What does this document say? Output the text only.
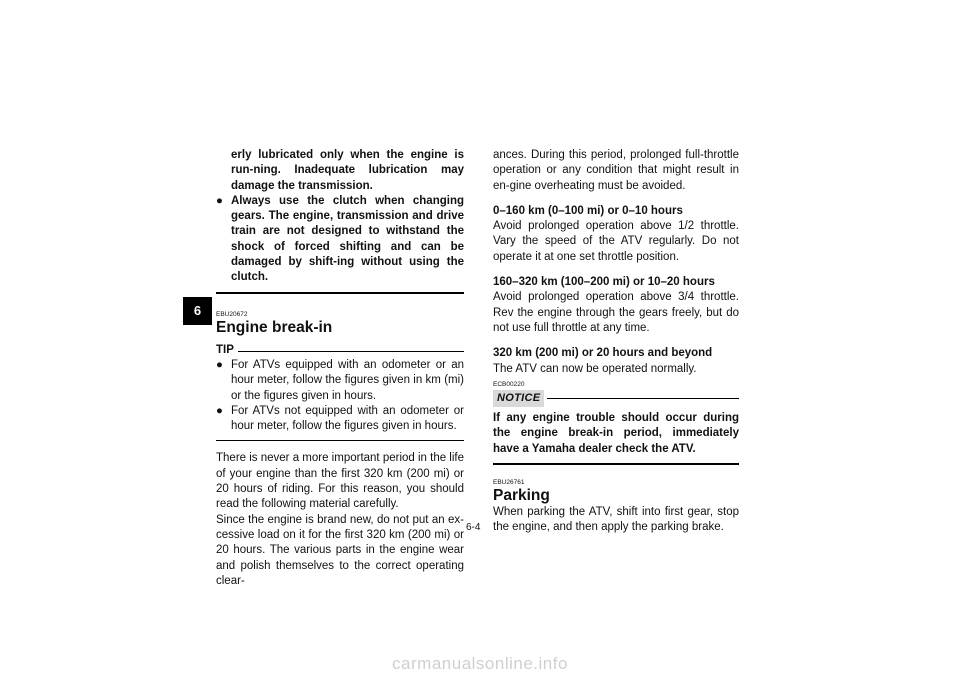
6
erly lubricated only when the engine is run-ning. Inadequate lubrication may damage the transmission.
● Always use the clutch when changing gears. The engine, transmission and drive train are not designed to withstand the shock of forced shifting and can be damaged by shift-ing without using the clutch.
EBU20672
Engine break-in
TIP
● For ATVs equipped with an odometer or an hour meter, follow the figures given in km (mi) or the figures given in hours.
● For ATVs not equipped with an odometer or hour meter, follow the figures given in hours.
There is never a more important period in the life of your engine than the first 320 km (200 mi) or 20 hours of riding. For this reason, you should read the following material carefully.
Since the engine is brand new, do not put an ex-cessive load on it for the first 320 km (200 mi) or 20 hours. The various parts in the engine wear and polish themselves to the correct operating clear-
ances. During this period, prolonged full-throttle operation or any condition that might result in en-gine overheating must be avoided.
0–160 km (0–100 mi) or 0–10 hours
Avoid prolonged operation above 1/2 throttle. Vary the speed of the ATV regularly. Do not operate it at one set throttle position.
160–320 km (100–200 mi) or 10–20 hours
Avoid prolonged operation above 3/4 throttle. Rev the engine through the gears freely, but do not use full throttle at any time.
320 km (200 mi) or 20 hours and beyond
The ATV can now be operated normally.
ECB00220
NOTICE
If any engine trouble should occur during the engine break-in period, immediately have a Yamaha dealer check the ATV.
EBU26761
Parking
When parking the ATV, shift into first gear, stop the engine, and then apply the parking brake.
6-4
carmanualsonline.info
